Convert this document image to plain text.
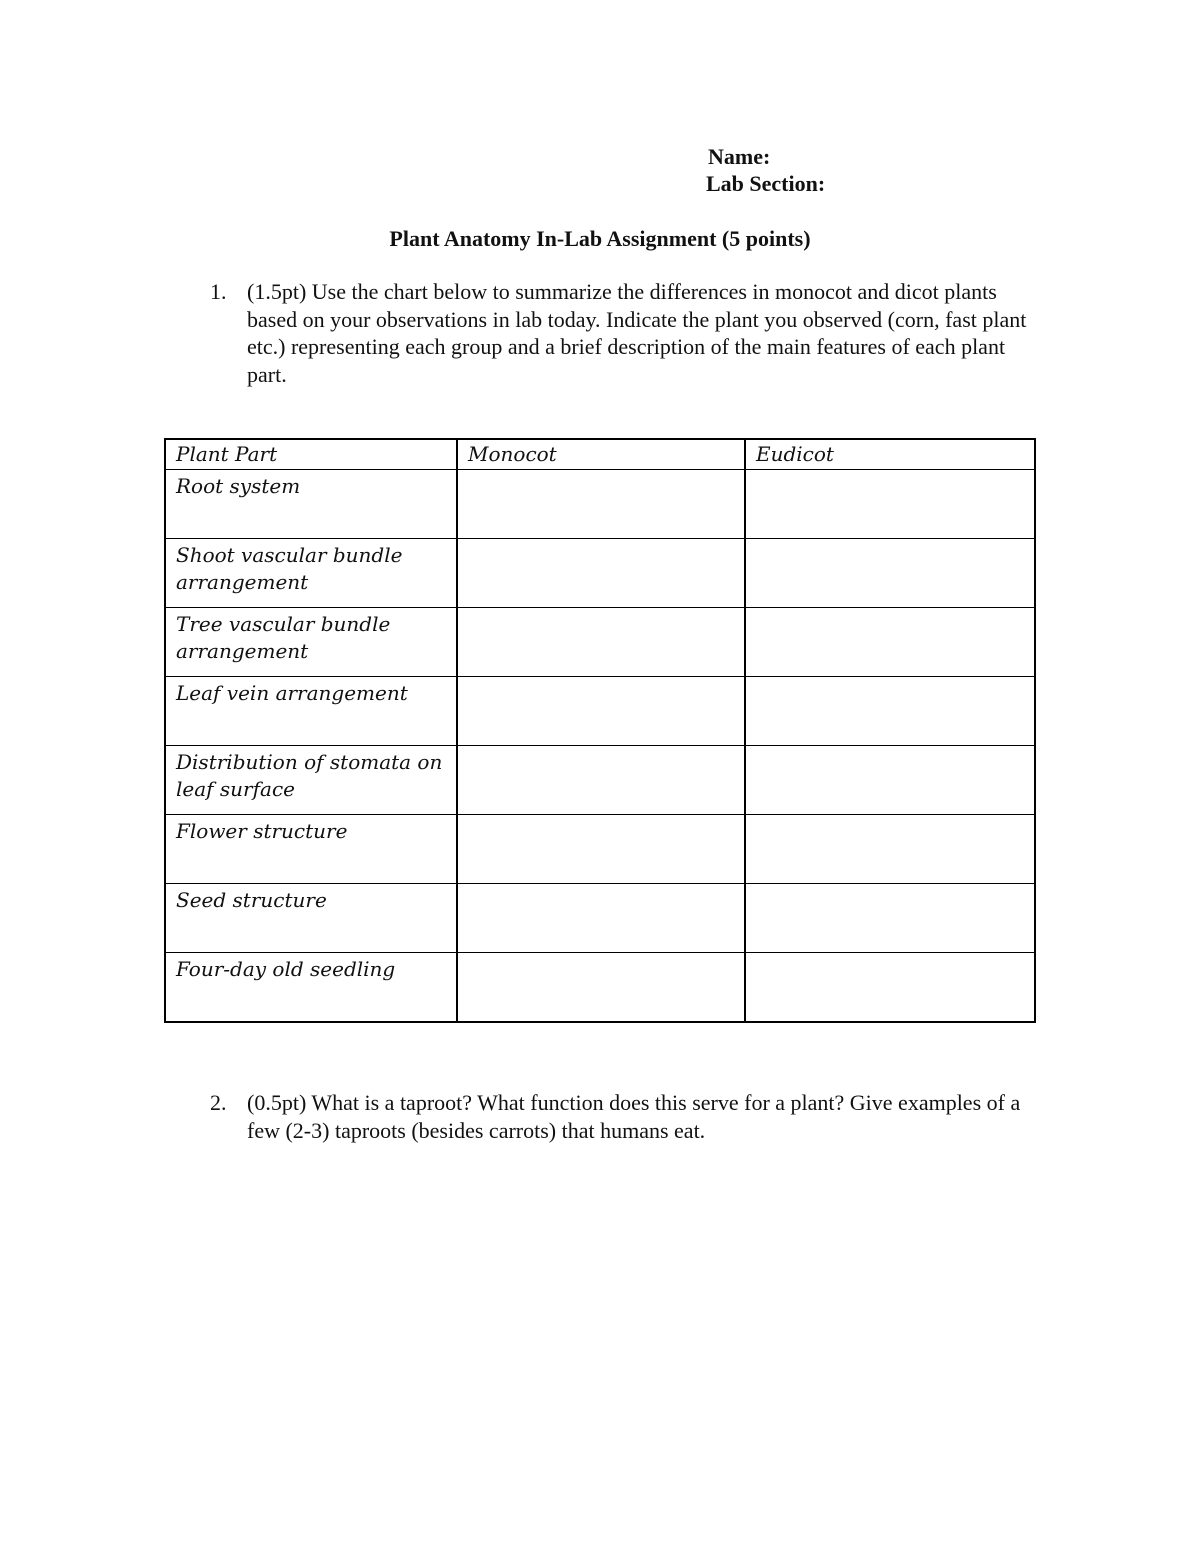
Name:
Lab Section:
Plant Anatomy In-Lab Assignment (5 points)
1. (1.5pt) Use the chart below to summarize the differences in monocot and dicot plants based on your observations in lab today. Indicate the plant you observed (corn, fast plant etc.) representing each group and a brief description of the main features of each plant part.
Plant Part	Monocot	Eudicot
Root system		
Shoot vascular bundle arrangement		
Tree vascular bundle arrangement		
Leaf vein arrangement		
Distribution of stomata on leaf surface		
Flower structure		
Seed structure		
Four-day old seedling		
2. (0.5pt) What is a taproot? What function does this serve for a plant? Give examples of a few (2-3) taproots (besides carrots) that humans eat.
